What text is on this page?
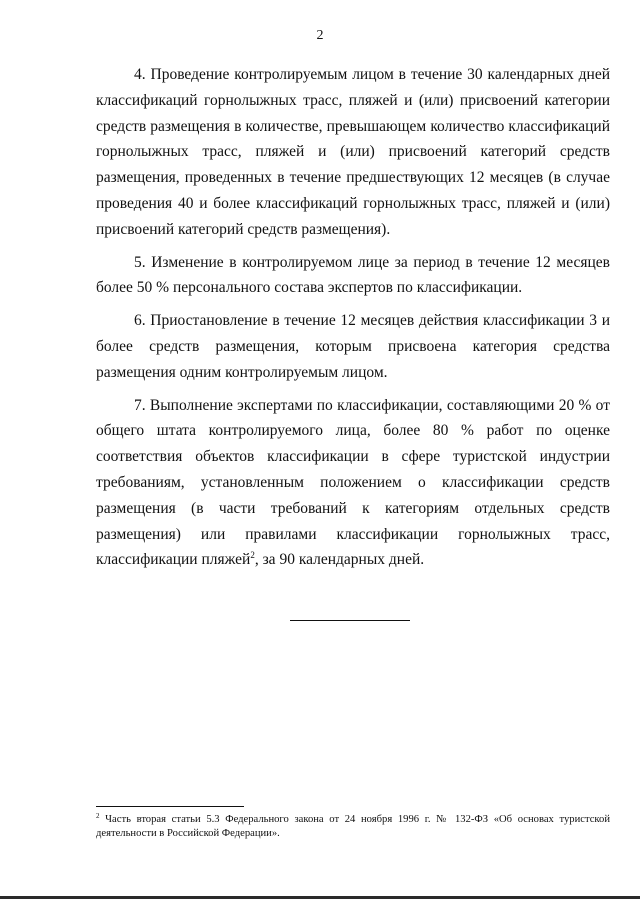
2

4. Проведение контролируемым лицом в течение 30 календарных дней классификаций горнолыжных трасс, пляжей и (или) присвоений категории средств размещения в количестве, превышающем количество классификаций горнолыжных трасс, пляжей и (или) присвоений категорий средств размещения, проведенных в течение предшествующих 12 месяцев (в случае проведения 40 и более классификаций горнолыжных трасс, пляжей и (или) присвоений категорий средств размещения).

5. Изменение в контролируемом лице за период в течение 12 месяцев более 50 % персонального состава экспертов по классификации.

6. Приостановление в течение 12 месяцев действия классификации 3 и более средств размещения, которым присвоена категория средства размещения одним контролируемым лицом.

7. Выполнение экспертами по классификации, составляющими 20 % от общего штата контролируемого лица, более 80 % работ по оценке соответствия объектов классификации в сфере туристской индустрии требованиям, установленным положением о классификации средств размещения (в части требований к категориям отдельных средств размещения) или правилами классификации горнолыжных трасс, классификации пляжей$^2$, за 90 календарных дней.

$^2$ Часть вторая статьи 5.3 Федерального закона от 24 ноября 1996 г. № 132-ФЗ «Об основах туристской деятельности в Российской Федерации».
